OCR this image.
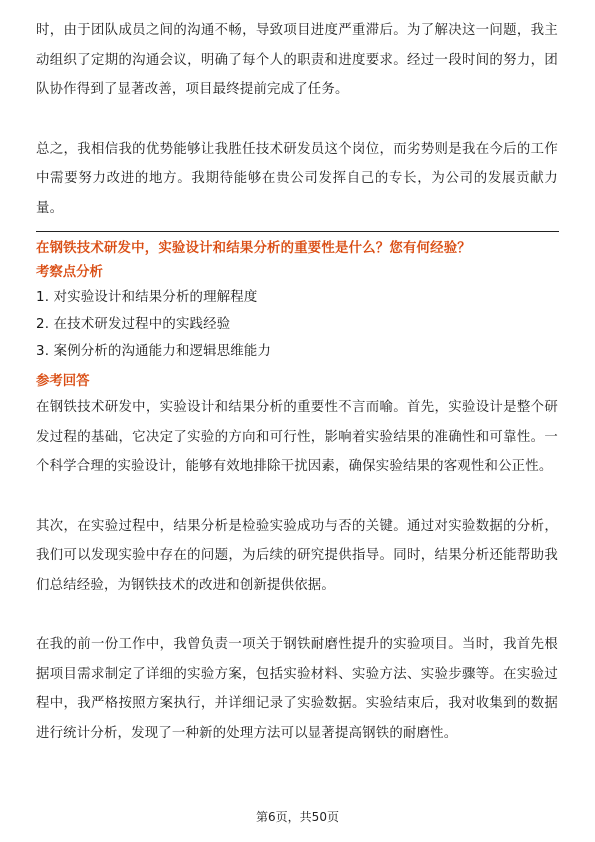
时，由于团队成员之间的沟通不畅，导致项目进度严重滞后。为了解决这一问题，我主动组织了定期的沟通会议，明确了每个人的职责和进度要求。经过一段时间的努力，团队协作得到了显著改善，项目最终提前完成了任务。

总之，我相信我的优势能够让我胜任技术研发员这个岗位，而劣势则是我在今后的工作中需要努力改进的地方。我期待能够在贵公司发挥自己的专长，为公司的发展贡献力量。

在钢铁技术研发中，实验设计和结果分析的重要性是什么？您有何经验？

考察点分析

1. 对实验设计和结果分析的理解程度
2. 在技术研发过程中的实践经验
3. 案例分析的沟通能力和逻辑思维能力

参考回答

在钢铁技术研发中，实验设计和结果分析的重要性不言而喻。首先，实验设计是整个研发过程的基础，它决定了实验的方向和可行性，影响着实验结果的准确性和可靠性。一个科学合理的实验设计，能够有效地排除干扰因素，确保实验结果的客观性和公正性。

其次，在实验过程中，结果分析是检验实验成功与否的关键。通过对实验数据的分析，我们可以发现实验中存在的问题，为后续的研究提供指导。同时，结果分析还能帮助我们总结经验，为钢铁技术的改进和创新提供依据。

在我的前一份工作中，我曾负责一项关于钢铁耐磨性提升的实验项目。当时，我首先根据项目需求制定了详细的实验方案，包括实验材料、实验方法、实验步骤等。在实验过程中，我严格按照方案执行，并详细记录了实验数据。实验结束后，我对收集到的数据进行统计分析，发现了一种新的处理方法可以显著提高钢铁的耐磨性。

第6页，共50页
